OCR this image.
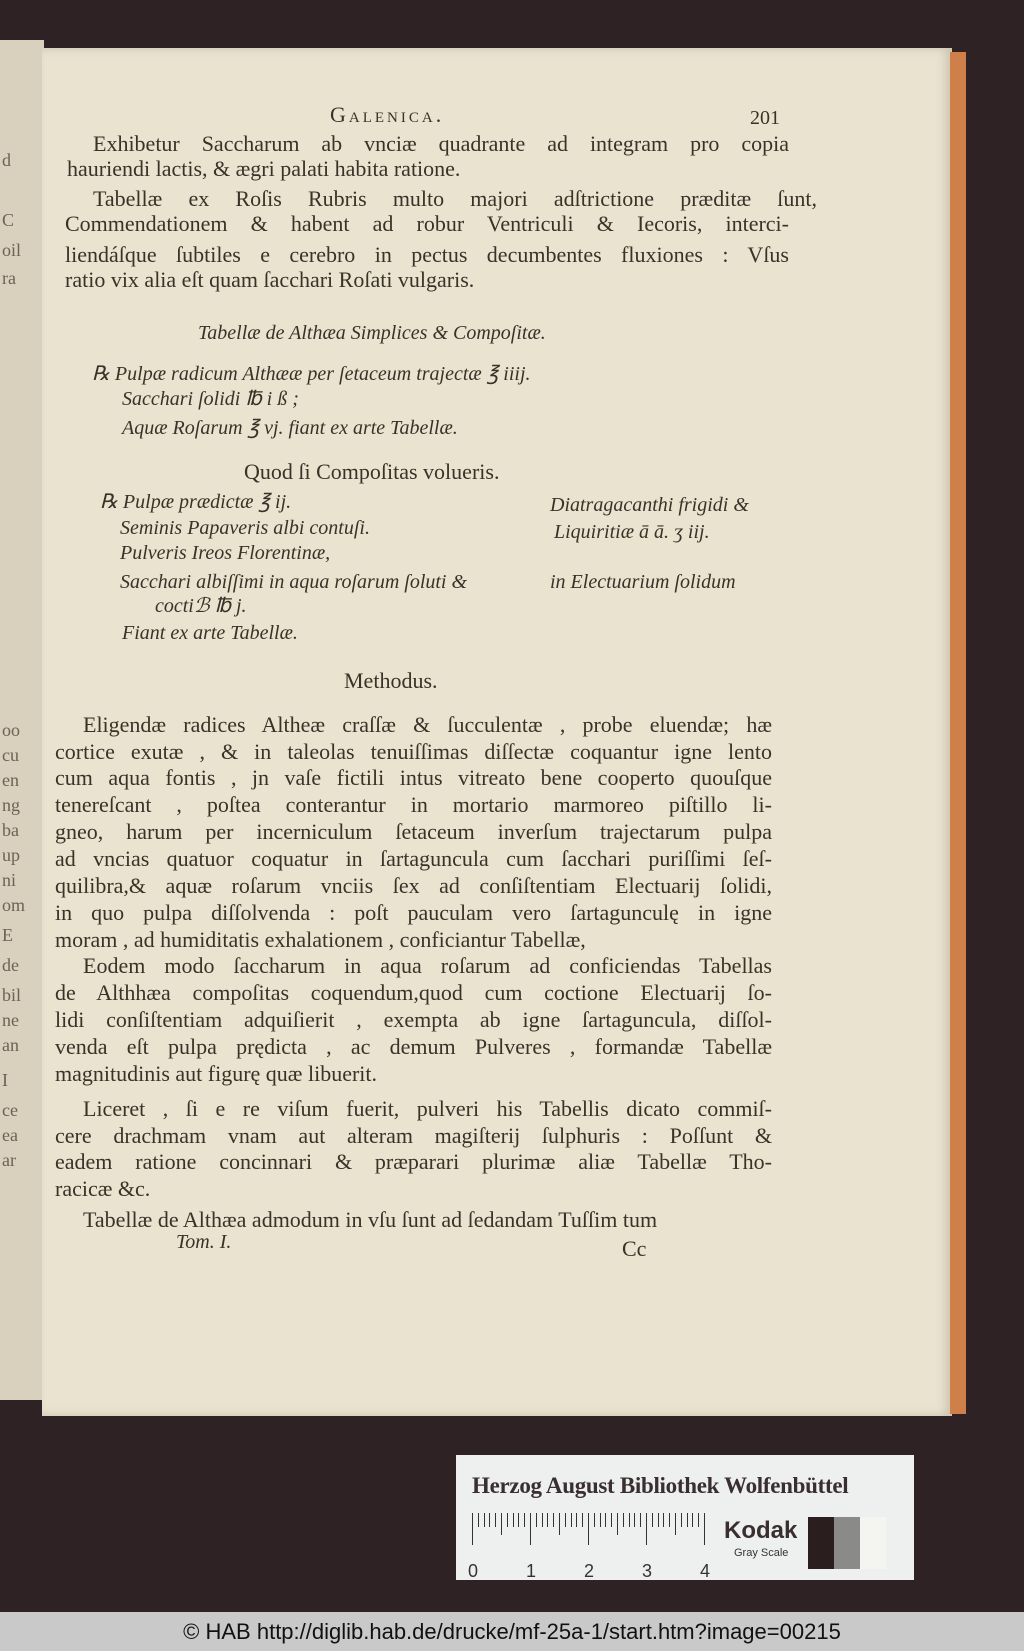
d
C
oil
ra
oo
cu
en
ng
ba
up
ni
om
E
de
bil
ne
an
I
ce
ea
ar
Galenica.	201
Exhibetur Saccharum ab vnciæ quadrante ad integram pro copia
hauriendi lactis, & ægri palati habita ratione.
Tabellæ ex Roſis Rubris multo majori adſtrictione præditæ ſunt,
Commendationem & habent ad robur Ventriculi & Iecoris, interci-
liendáſque ſubtiles e cerebro in pectus decumbentes fluxiones : Vſus
ratio vix alia eſt quam ſacchari Roſati vulgaris.
Tabellæ de Althæa Simplices & Compoſitæ.
℞ Pulpæ radicum Althææ per ſetaceum trajectæ ℥ iiij.
Sacchari ſolidi ℔ i ß ;
Aquæ Roſarum ℥ vj. fiant ex arte Tabellæ.
Quod ſi Compoſitas volueris.
℞ Pulpæ prædictæ ℥ ij.
Seminis Papaveris albi contuſi.
Pulveris Ireos Florentinæ,
Sacchari albiſſimi in aqua roſarum ſoluti &
coctiℬ ℔ j.
Fiant ex arte Tabellæ.
Diatragacanthi frigidi &
Liquiritiæ ā ā. ʒ iij.
in Electuarium ſolidum
Methodus.
Eligendæ radices Altheæ craſſæ & ſucculentæ , probe eluendæ; hæ
cortice exutæ , & in taleolas tenuiſſimas diſſectæ coquantur igne lento
cum aqua fontis , jn vaſe fictili intus vitreato bene cooperto quouſque
tenereſcant , poſtea conterantur in mortario marmoreo piſtillo li-
gneo, harum per incerniculum ſetaceum inverſum trajectarum pulpa
ad vncias quatuor coquatur in ſartaguncula cum ſacchari puriſſimi ſeſ-
quilibra,& aquæ roſarum vnciis ſex ad conſiſtentiam Electuarij ſolidi,
in quo pulpa diſſolvenda : poſt pauculam vero ſartagunculę in igne
moram , ad humiditatis exhalationem , conficiantur Tabellæ,
Eodem modo ſaccharum in aqua roſarum ad conficiendas Tabellas
de Althhæa compoſitas coquendum,quod cum coctione Electuarij ſo-
lidi conſiſtentiam adquiſierit , exempta ab igne ſartaguncula, diſſol-
venda eſt pulpa prędicta , ac demum Pulveres , formandæ Tabellæ
magnitudinis aut figurę quæ libuerit.
Liceret , ſi e re viſum fuerit, pulveri his Tabellis dicato commiſ-
cere drachmam vnam aut alteram magiſterij ſulphuris : Poſſunt &
eadem ratione concinnari & præparari plurimæ aliæ Tabellæ Tho-
racicæ &c.
Tabellæ de Althæa admodum in vſu ſunt ad ſedandam Tuſſim tum
Tom. I.	Cc
Herzog August Bibliothek Wolfenbüttel
0	1	2	3	4
Kodak
Gray Scale
© HAB http://diglib.hab.de/drucke/mf-25a-1/start.htm?image=00215
